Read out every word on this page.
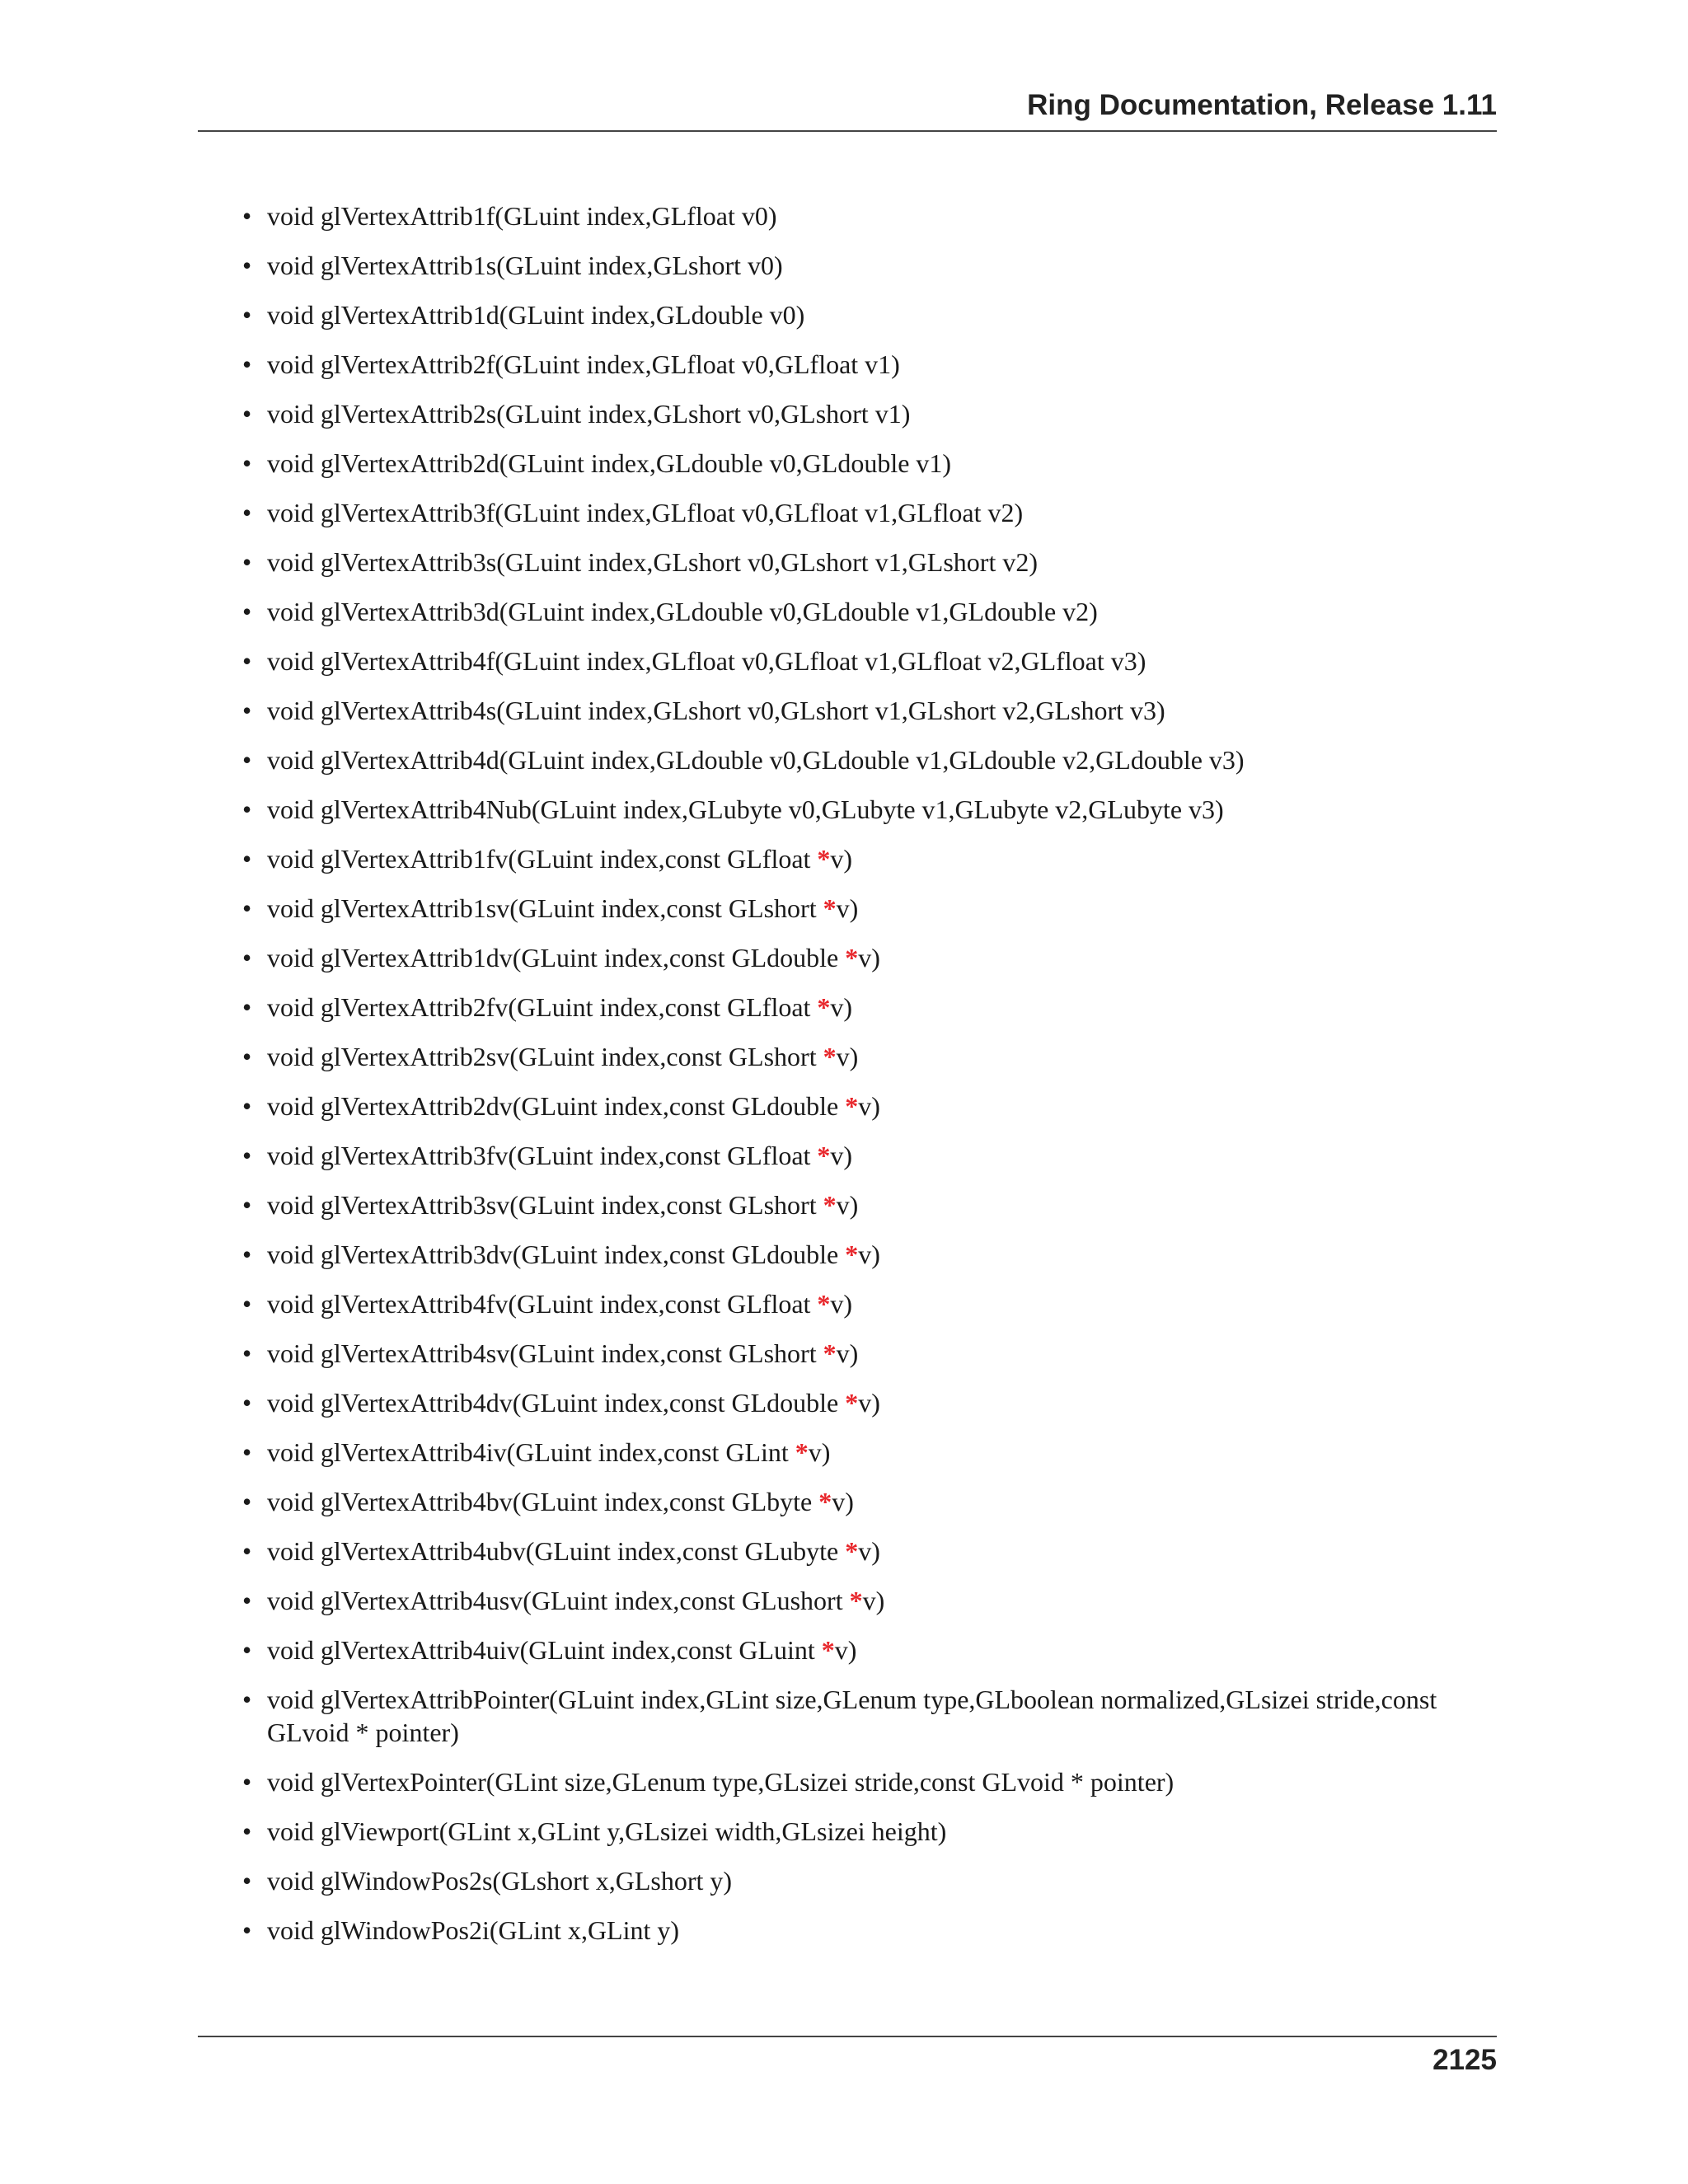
Ring Documentation, Release 1.11
• void glVertexAttrib1f(GLuint index,GLfloat v0)
• void glVertexAttrib1s(GLuint index,GLshort v0)
• void glVertexAttrib1d(GLuint index,GLdouble v0)
• void glVertexAttrib2f(GLuint index,GLfloat v0,GLfloat v1)
• void glVertexAttrib2s(GLuint index,GLshort v0,GLshort v1)
• void glVertexAttrib2d(GLuint index,GLdouble v0,GLdouble v1)
• void glVertexAttrib3f(GLuint index,GLfloat v0,GLfloat v1,GLfloat v2)
• void glVertexAttrib3s(GLuint index,GLshort v0,GLshort v1,GLshort v2)
• void glVertexAttrib3d(GLuint index,GLdouble v0,GLdouble v1,GLdouble v2)
• void glVertexAttrib4f(GLuint index,GLfloat v0,GLfloat v1,GLfloat v2,GLfloat v3)
• void glVertexAttrib4s(GLuint index,GLshort v0,GLshort v1,GLshort v2,GLshort v3)
• void glVertexAttrib4d(GLuint index,GLdouble v0,GLdouble v1,GLdouble v2,GLdouble v3)
• void glVertexAttrib4Nub(GLuint index,GLubyte v0,GLubyte v1,GLubyte v2,GLubyte v3)
• void glVertexAttrib1fv(GLuint index,const GLfloat *v)
• void glVertexAttrib1sv(GLuint index,const GLshort *v)
• void glVertexAttrib1dv(GLuint index,const GLdouble *v)
• void glVertexAttrib2fv(GLuint index,const GLfloat *v)
• void glVertexAttrib2sv(GLuint index,const GLshort *v)
• void glVertexAttrib2dv(GLuint index,const GLdouble *v)
• void glVertexAttrib3fv(GLuint index,const GLfloat *v)
• void glVertexAttrib3sv(GLuint index,const GLshort *v)
• void glVertexAttrib3dv(GLuint index,const GLdouble *v)
• void glVertexAttrib4fv(GLuint index,const GLfloat *v)
• void glVertexAttrib4sv(GLuint index,const GLshort *v)
• void glVertexAttrib4dv(GLuint index,const GLdouble *v)
• void glVertexAttrib4iv(GLuint index,const GLint *v)
• void glVertexAttrib4bv(GLuint index,const GLbyte *v)
• void glVertexAttrib4ubv(GLuint index,const GLubyte *v)
• void glVertexAttrib4usv(GLuint index,const GLushort *v)
• void glVertexAttrib4uiv(GLuint index,const GLuint *v)
• void glVertexAttribPointer(GLuint index,GLint size,GLenum type,GLboolean normalized,GLsizei stride,const GLvoid * pointer)
• void glVertexPointer(GLint size,GLenum type,GLsizei stride,const GLvoid * pointer)
• void glViewport(GLint x,GLint y,GLsizei width,GLsizei height)
• void glWindowPos2s(GLshort x,GLshort y)
• void glWindowPos2i(GLint x,GLint y)
2125
